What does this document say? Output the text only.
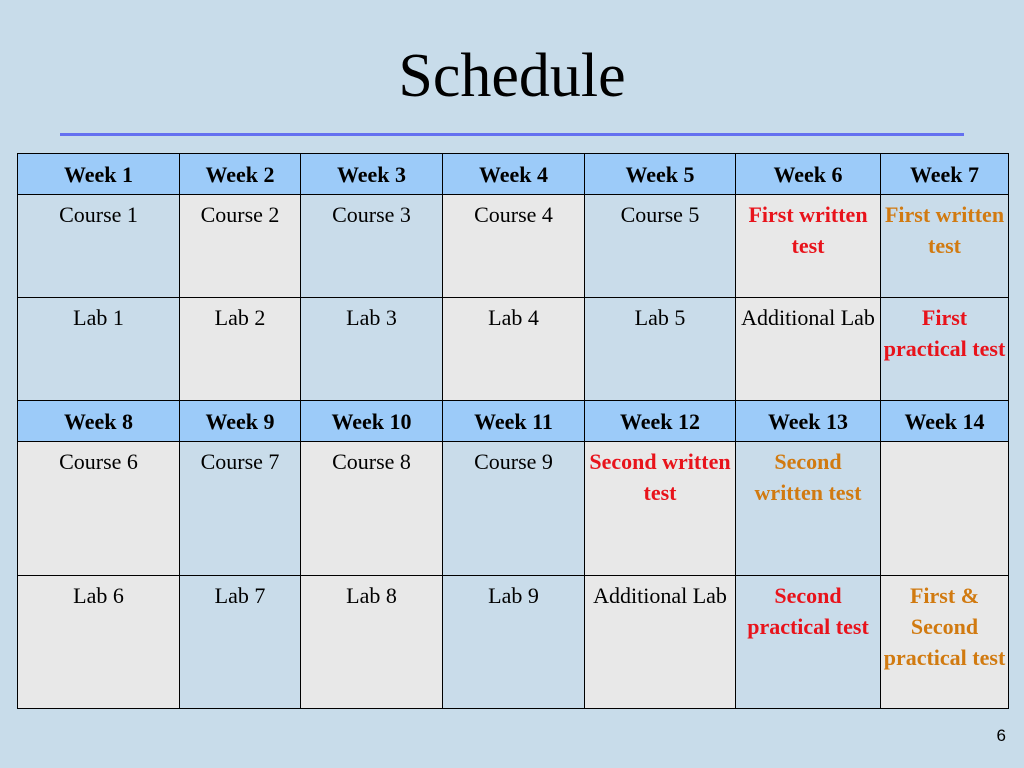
Schedule
Week 1	Week 2	Week 3	Week 4	Week 5	Week 6	Week 7
Course 1	Course 2	Course 3	Course 4	Course 5	First written test	First written test
Lab 1	Lab 2	Lab 3	Lab 4	Lab 5	Additional Lab	First practical test
Week 8	Week 9	Week 10	Week 11	Week 12	Week 13	Week 14
Course 6	Course 7	Course 8	Course 9	Second written test	Second written test	
Lab 6	Lab 7	Lab 8	Lab 9	Additional Lab	Second practical test	First & Second practical test
6
